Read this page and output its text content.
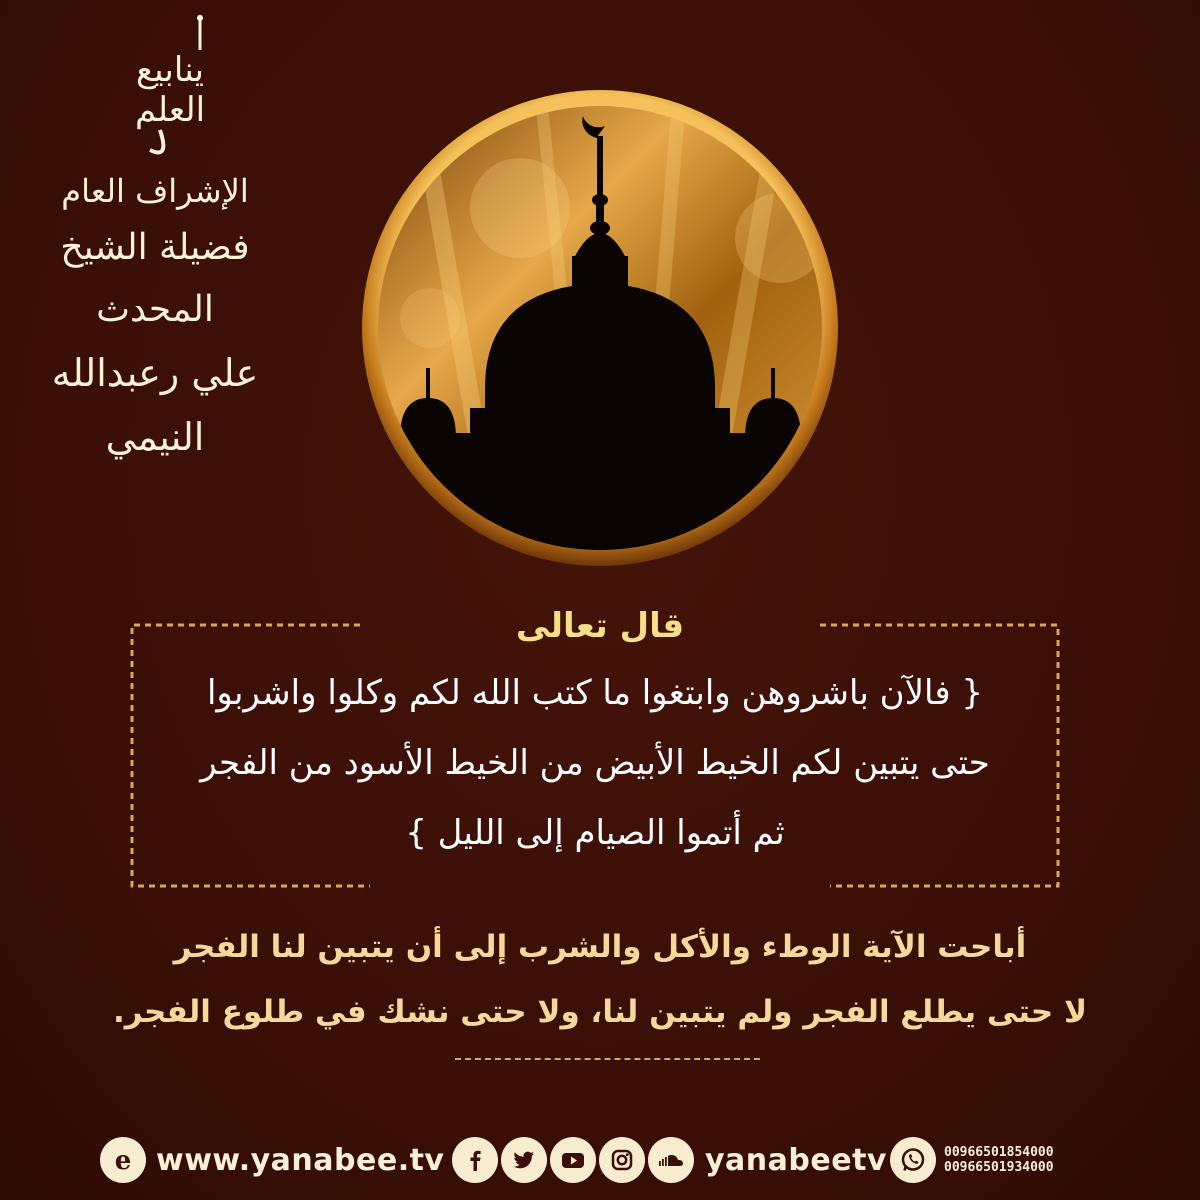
ينابيع العلم
الإشراف العام
فضيلة الشيخ المحدث
علي رعبدالله النيمي
قال تعالى
{ فالآن باشروهن وابتغوا ما كتب الله لكم وكلوا واشربوا
حتى يتبين لكم الخيط الأبيض من الخيط الأسود من الفجر
ثم أتموا الصيام إلى الليل }
أباحت الآية الوطء والأكل والشرب إلى أن يتبين لنا الفجر
لا حتى يطلع الفجر ولم يتبين لنا، ولا حتى نشك في طلوع الفجر.
e www.yanabee.tv	yanabeetv	00966501854000
00966501934000
